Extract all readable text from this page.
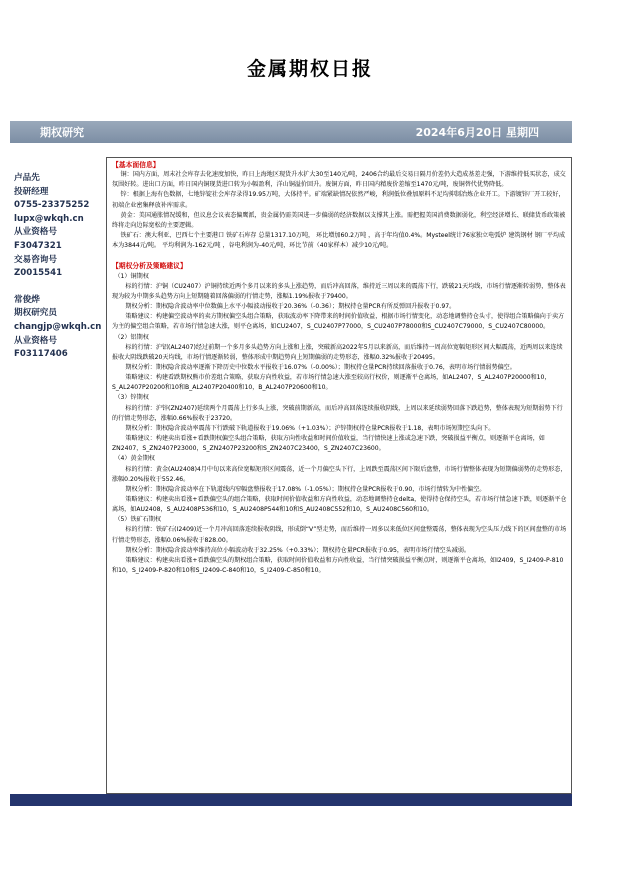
金属期权日报
期权研究	2024年6月20日 星期四
卢品先
投研经理
0755-23375252
lupx@wkqh.cn
从业资格号
F3047321
交易咨询号
Z0015541
常俊烨
期权研究员
changjp@wkqh.cn
从业资格号
F03117406

【基本面信息】

铜：国内方面，周末社会库存去化速度加快，昨日上海地区现货升水扩大30至140元/吨，2406合约最后交易日隔月价差仍大造成基差走强，下游维持低买状态，成交氛围好转。进出口方面，昨日国内铜现货进口转为小幅盈利，洋山铜溢价回升。废铜方面，昨日国内精废价差缩至1470元/吨，废铜替代优势降低。

锌：根据上海有色数据，七地锌锭社会库存录得19.95万吨，大体持平。矿端紧缺情况依然严峻，利润低位叠加原料不足均抑制冶炼企业开工。下游镀锌厂开工较好，初端企业密集释放补库需求。

黄金：美国通胀情况缓和，但议息会议表态偏鹰派，贵金属仍需美国进一步偏弱的经济数据以支撑其上涨。需把握美国消费数据弱化，利空经济增长、联储货币政策被终将走向边际宽松的主要逻辑。

铁矿石：澳大利亚、巴西七个主要港口 铁矿石库存 总量1317.10万吨， 环比增加60.2万吨 ，高于年均值0.4%。Mysteel统计76家独立电弧炉 建筑钢材 钢厂平均成本为3844元/吨。 平均利润为-162元/吨 ，谷电利润为-40元/吨，环比节前（40家样本）减少10元/吨。

【期权分析及策略建议】

（1）铜期权

标的行情：沪铜（CU2407）沪铜持续近两个多月以来的多头上涨趋势，而后冲高回落，维持近三周以来的震荡下行，跌破21天均线，市场行情逐渐转弱势，整体表现为较为中期多头趋势方向上短期随着回落偏弱的行情走势，涨幅1.19%报收于79400。

期权分析：期权隐含波动率中位数偏上水平小幅波动报收于20.36%（-0.36）；期权持仓量PCR有所反弹回升报收于0.97。

策略建议：构建偏空波动率的卖方期权偏空头组合策略，获取波动率下降带来的时间价值收益，根据市场行情变化，动态地调整持仓头寸，使得组合策略偏向于卖方为主的偏空组合策略，若市场行情急速大涨，则平仓离场，如CU2407，S_CU2407P77000，S_CU2407P78000和S_CU2407C79000，S_CU2407C80000。

（2）铝期权

标的行情：沪铝(AL2407)经过前期一个多月多头趋势方向上涨和上涨，突破新高2022年5月以来新高，而后维持一周高位宽幅矩形区间大幅震荡，近两周以来连续报收大阴线跌破20天均线，市场行情逐渐转弱，整体形成中期趋势向上短期偏弱的走势形态，涨幅0.32%报收于20495。

期权分析：期权隐含波动率逐渐下降历史中位数水平报收于16.07%（-0.00%）；期权持仓量PCR持续回落报收于0.76，表明市场行情弱势偏空。

策略建议：构建看跌期权熊市价差组合策略，获取方向性收益，若市场行情急速大涨至较高行权价，则逐渐平仓离场，如AL2407，S_AL2407P20000和10，S_AL2407P20200和10和B_AL2407P20400和10，B_AL2407P20600和10。

（3）锌期权

标的行情：沪锌(ZN2407)延续两个月震荡上行多头上涨，突破前期新高，而后冲高回落连续报收阴线，上周以来延续弱势回落下跌趋势，整体表现为短期弱势下行的行情走势形态，涨幅0.66%报收于23720。

期权分析：期权隐含波动率震荡下行跌破下轨道报收于19.06%（+1.03%）；沪锌期权持仓量PCR报收于1.18，表明市场短期空头向下。

策略建议：构建卖出看涨+看跌期权偏空头组合策略，获取方向性收益和时间价值收益，当行情快速上涨或急速下跌，突破损益平衡点，则逐渐平仓离场，如ZN2407，S_ZN2407P23000，S_ZN2407P23200和S_ZN2407C23400，S_ZN2407C23600。

（4）黄金期权

标的行情：黄金(AU2408)4月中旬以来高位宽幅矩形区间震荡，近一个月偏空头下行，上周跌至震荡区间下限后盘整，市场行情整体表现为短期偏弱势的走势形态，涨幅0.20%报收于552.46。

期权分析：期权隐含波动率在下轨道线内窄幅盘整报收于17.08%（-1.05%）；期权持仓量PCR报收于0.90，市场行情转为中性偏空。

策略建议：构建卖出看涨+看跌偏空头的组合策略，获取时间价值收益和方向性收益，动态地调整持仓delta，使得持仓保持空头，若市场行情急速下跌，则逐渐平仓离场，如AU2408，S_AU2408P536和10，S_AU2408P544和10和S_AU2408C552和10，S_AU2408C560和10。

（5）铁矿石期权

标的行情：铁矿石(I2409)近一个月冲高回落连续报收阴线，形成倒“V”型走势，而后维持一周多以来低位区间盘整震荡，整体表现为空头压力线下的区间盘整的市场行情走势形态，涨幅0.06%报收于828.00。

期权分析：期权隐含波动率维持高位小幅波动收于32.25%（+0.33%）；期权持仓量PCR报收于0.95，表明市场行情空头减弱。

策略建议：构建卖出看涨+看跌偏空头的期权组合策略，获取时间价值收益和方向性收益，当行情突破损益平衡点时，则逐渐平仓离场，如I2409，S_I2409-P-810和10，S_I2409-P-820和10和S_I2409-C-840和10，S_I2409-C-850和10。
